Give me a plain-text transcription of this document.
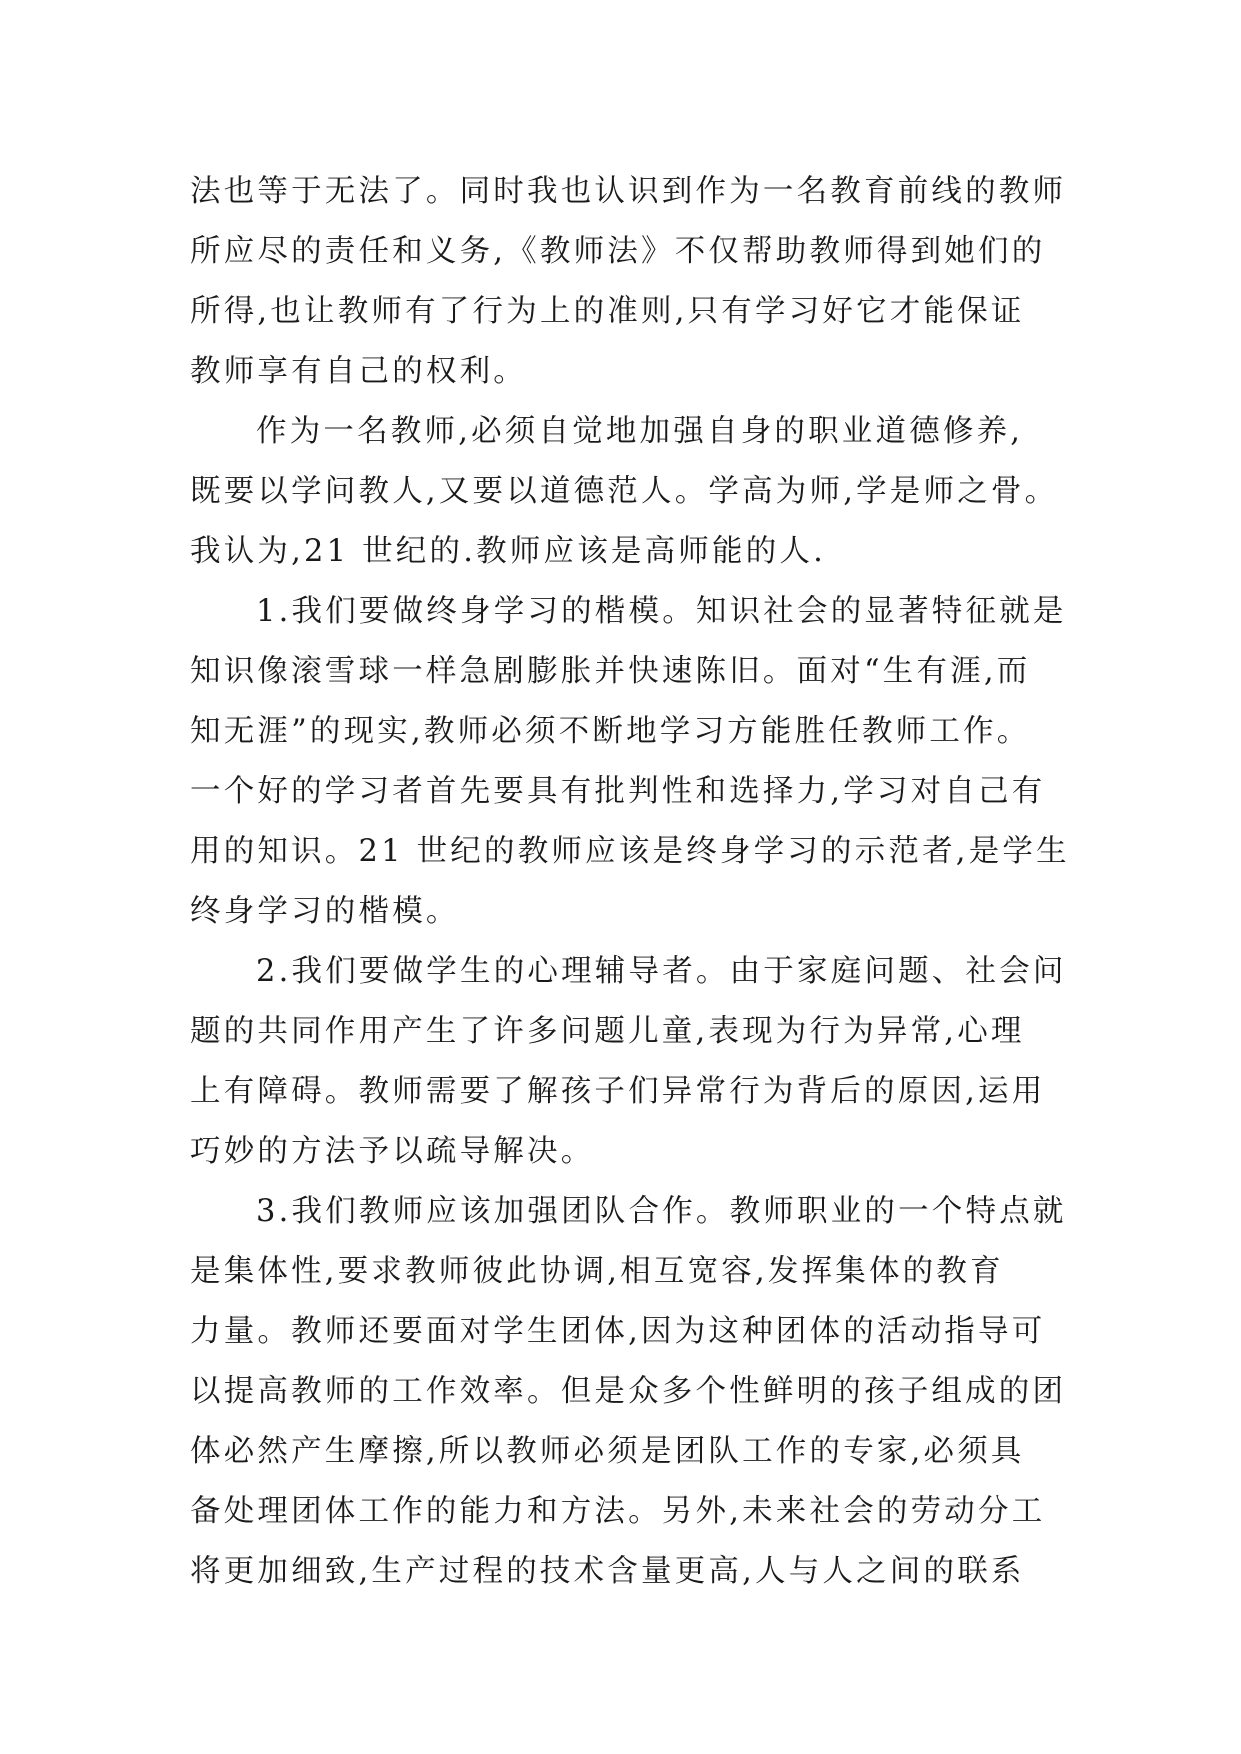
法也等于无法了。同时我也认识到作为一名教育前线的教师
所应尽的责任和义务,《教师法》不仅帮助教师得到她们的
所得,也让教师有了行为上的准则,只有学习好它才能保证
教师享有自己的权利。
作为一名教师,必须自觉地加强自身的职业道德修养,
既要以学问教人,又要以道德范人。学高为师,学是师之骨。
我认为,21 世纪的.教师应该是高师能的人.
1.我们要做终身学习的楷模。知识社会的显著特征就是
知识像滚雪球一样急剧膨胀并快速陈旧。面对“生有涯,而
知无涯”的现实,教师必须不断地学习方能胜任教师工作。
一个好的学习者首先要具有批判性和选择力,学习对自己有
用的知识。21 世纪的教师应该是终身学习的示范者,是学生
终身学习的楷模。
2.我们要做学生的心理辅导者。由于家庭问题、社会问
题的共同作用产生了许多问题儿童,表现为行为异常,心理
上有障碍。教师需要了解孩子们异常行为背后的原因,运用
巧妙的方法予以疏导解决。
3.我们教师应该加强团队合作。教师职业的一个特点就
是集体性,要求教师彼此协调,相互宽容,发挥集体的教育
力量。教师还要面对学生团体,因为这种团体的活动指导可
以提高教师的工作效率。但是众多个性鲜明的孩子组成的团
体必然产生摩擦,所以教师必须是团队工作的专家,必须具
备处理团体工作的能力和方法。另外,未来社会的劳动分工
将更加细致,生产过程的技术含量更高,人与人之间的联系
